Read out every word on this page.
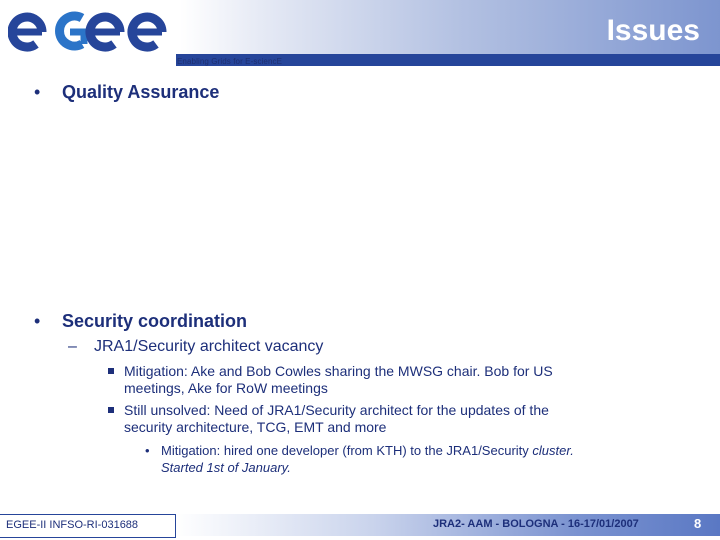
Enabling Grids for E-sciencE
Issues
• Quality Assurance
• Security coordination
– JRA1/Security architect vacancy
Mitigation: Ake and Bob Cowles sharing the MWSG chair. Bob for US
meetings, Ake for RoW meetings
Still unsolved: Need of JRA1/Security architect for the updates of the
security architecture, TCG, EMT and more
• Mitigation: hired one developer (from KTH) to the JRA1/Security cluster.
Started 1st of January.
EGEE-II INFSO-RI-031688	JRA2- AAM - BOLOGNA - 16-17/01/2007	8
